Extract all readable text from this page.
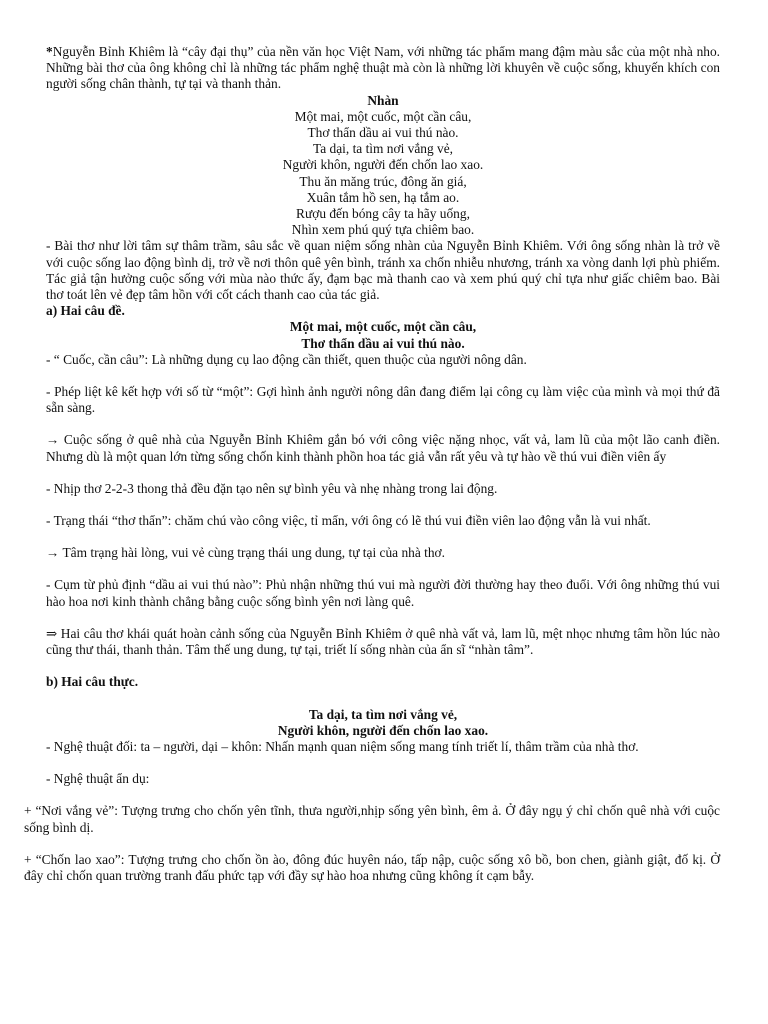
*Nguyễn Bỉnh Khiêm là “cây đại thụ” của nền văn học Việt Nam, với những tác phẩm mang đậm màu sắc của một nhà nho. Những bài thơ của ông không chỉ là những tác phẩm nghệ thuật mà còn là những lời khuyên về cuộc sống, khuyến khích con người sống chân thành, tự tại và thanh thản.

Nhàn

Một mai, một cuốc, một cần câu,

Thơ thẩn dầu ai vui thú nào.

Ta dại, ta tìm nơi vắng vẻ,

Người khôn, người đến chốn lao xao.

Thu ăn măng trúc, đông ăn giá,

Xuân tắm hồ sen, hạ tắm ao.

Rượu đến bóng cây ta hãy uống,

Nhìn xem phú quý tựa chiêm bao.

- Bài thơ như lời tâm sự thâm trầm, sâu sắc về quan niệm sống nhàn của Nguyễn Bỉnh Khiêm. Với ông sống nhàn là trở về với cuộc sống lao động bình dị, trở về nơi thôn quê yên bình, tránh xa chốn nhiễu nhương, tránh xa vòng danh lợi phù phiếm. Tác giả tận hưởng cuộc sống với mùa nào thức ấy, đạm bạc mà thanh cao và xem phú quý chỉ tựa như giấc chiêm bao. Bài thơ toát lên vẻ đẹp tâm hồn với cốt cách thanh cao của tác giả.

a) Hai câu đề.

Một mai, một cuốc, một cần câu,

Thơ thẩn dầu ai vui thú nào.

- “ Cuốc, cần câu”: Là những dụng cụ lao động cần thiết, quen thuộc của người nông dân.

- Phép liệt kê kết hợp với số từ “một”: Gợi hình ảnh người nông dân đang điểm lại công cụ làm việc của mình và mọi thứ đã sẵn sàng.

→ Cuộc sống ở quê nhà của Nguyễn Bỉnh Khiêm gắn bó với công việc nặng nhọc, vất vả, lam lũ của một lão canh điền. Nhưng dù là một quan lớn từng sống chốn kinh thành phồn hoa tác giả vẫn rất yêu và tự hào về thú vui điền viên ấy

- Nhịp thơ 2-2-3 thong thả đều đặn tạo nên sự bình yêu và nhẹ nhàng trong lai động.

- Trạng thái “thơ thẩn”: chăm chú vào công việc, tỉ mẩn, với ông có lẽ thú vui điền viên lao động vẫn là vui nhất.

→ Tâm trạng hài lòng, vui vẻ cùng trạng thái ung dung, tự tại của nhà thơ.

- Cụm từ phủ định “dầu ai vui thú nào”: Phủ nhận những thú vui mà người đời thường hay theo đuổi. Với ông những thú vui hào hoa nơi kinh thành chẳng bằng cuộc sống bình yên nơi làng quê.

⇒ Hai câu thơ khái quát hoàn cảnh sống của Nguyễn Bỉnh Khiêm ở quê nhà vất vả, lam lũ, mệt nhọc nhưng tâm hồn lúc nào cũng thư thái, thanh thản. Tâm thế ung dung, tự tại, triết lí sống nhàn của ẩn sĩ “nhàn tâm”.

b) Hai câu thực.

Ta dại, ta tìm nơi vắng vẻ,

Người khôn, người đến chốn lao xao.

- Nghệ thuật đối: ta – người, dại – khôn: Nhấn mạnh quan niệm sống mang tính triết lí, thâm trầm của nhà thơ.

- Nghệ thuật ẩn dụ:

+ “Nơi vắng vẻ”: Tượng trưng cho chốn yên tĩnh, thưa người,nhịp sống yên bình, êm ả. Ở đây ngụ ý chỉ chốn quê nhà với cuộc sống bình dị.

+ “Chốn lao xao”: Tượng trưng cho chốn ồn ào, đông đúc huyên náo, tấp nập, cuộc sống xô bồ, bon chen, giành giật, đố kị. Ở đây chỉ chốn quan trường tranh đấu phức tạp với đầy sự hào hoa nhưng cũng không ít cạm bẫy.
